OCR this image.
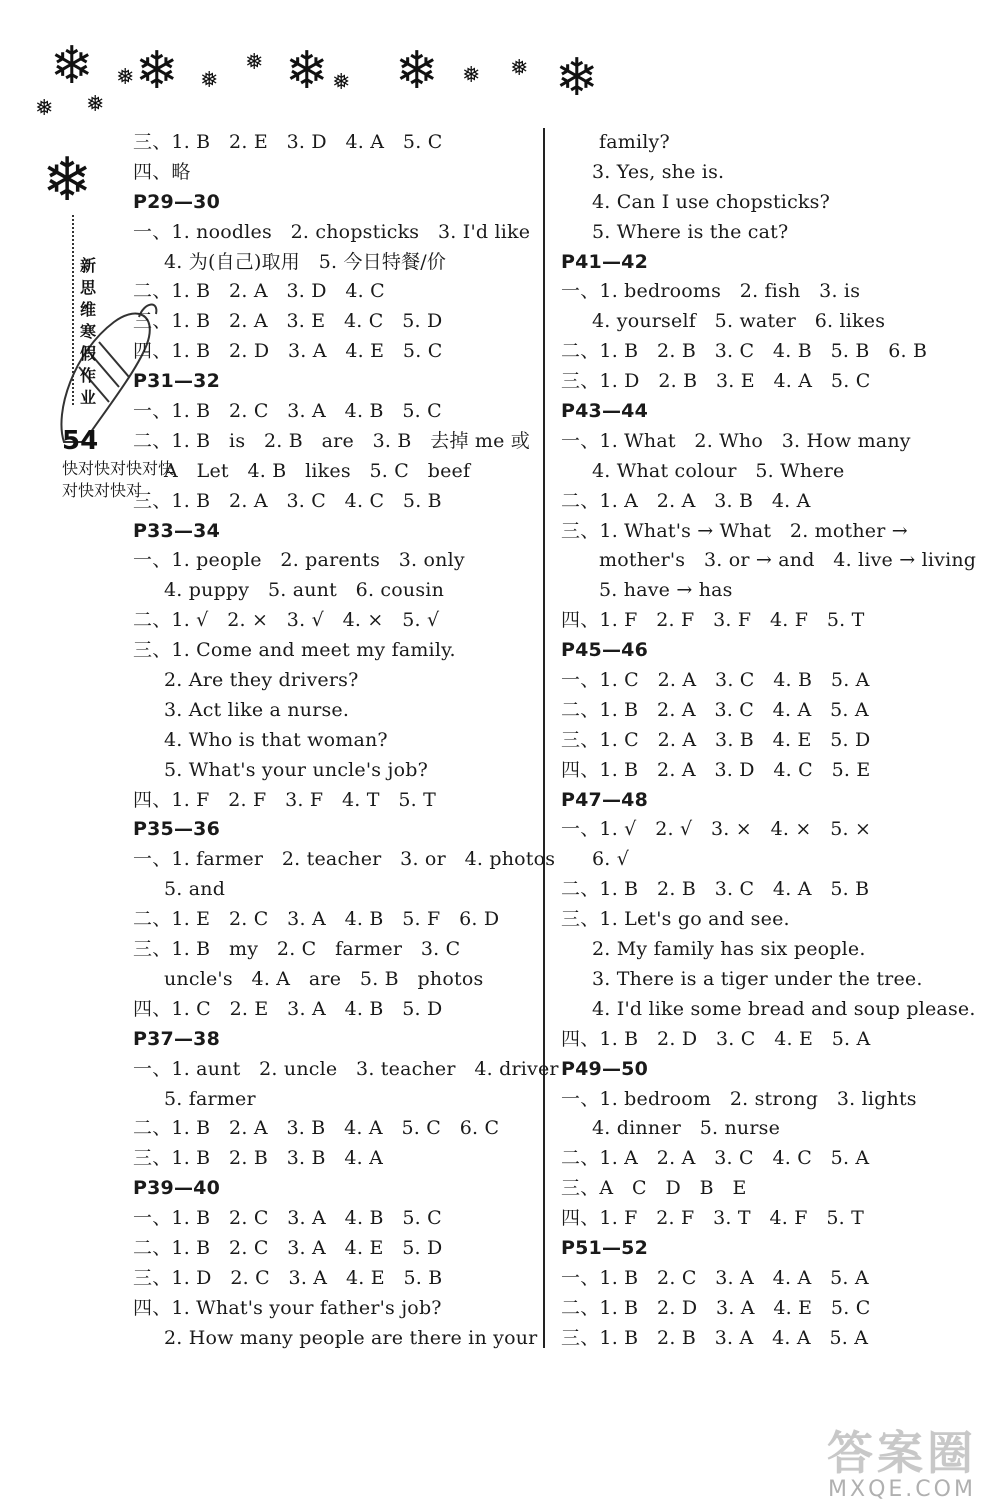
❄ ❄ ❄ ❄ ❄
❅	❅
❅
❅	❅ ❅
❅ ❅
❄
新思维寒假作业
54
快对快对快对快对快对快对
三、1. B   2. E   3. D   4. A   5. C
四、略
P29—30
一、1. noodles   2. chopsticks   3. I'd like
4. 为(自己)取用   5. 今日特餐/价
二、1. B   2. A   3. D   4. C
三、1. B   2. A   3. E   4. C   5. D
四、1. B   2. D   3. A   4. E   5. C
P31—32
一、1. B   2. C   3. A   4. B   5. C
二、1. B   is   2. B   are   3. B   去掉 me 或
A   Let   4. B   likes   5. C   beef
三、1. B   2. A   3. C   4. C   5. B
P33—34
一、1. people   2. parents   3. only
4. puppy   5. aunt   6. cousin
二、1. √   2. ×   3. √   4. ×   5. √
三、1. Come and meet my family.
2. Are they drivers?
3. Act like a nurse.
4. Who is that woman?
5. What's your uncle's job?
四、1. F   2. F   3. F   4. T   5. T
P35—36
一、1. farmer   2. teacher   3. or   4. photos
5. and
二、1. E   2. C   3. A   4. B   5. F   6. D
三、1. B   my   2. C   farmer   3. C
uncle's   4. A   are   5. B   photos
四、1. C   2. E   3. A   4. B   5. D
P37—38
一、1. aunt   2. uncle   3. teacher   4. driver
5. farmer
二、1. B   2. A   3. B   4. A   5. C   6. C
三、1. B   2. B   3. B   4. A
P39—40
一、1. B   2. C   3. A   4. B   5. C
二、1. B   2. C   3. A   4. E   5. D
三、1. D   2. C   3. A   4. E   5. B
四、1. What's your father's job?
2. How many people are there in your
family?
3. Yes, she is.
4. Can I use chopsticks?
5. Where is the cat?
P41—42
一、1. bedrooms   2. fish   3. is
4. yourself   5. water   6. likes
二、1. B   2. B   3. C   4. B   5. B   6. B
三、1. D   2. B   3. E   4. A   5. C
P43—44
一、1. What   2. Who   3. How many
4. What colour   5. Where
二、1. A   2. A   3. B   4. A
三、1. What's → What   2. mother →
mother's   3. or → and   4. live → living
5. have → has
四、1. F   2. F   3. F   4. F   5. T
P45—46
一、1. C   2. A   3. C   4. B   5. A
二、1. B   2. A   3. C   4. A   5. A
三、1. C   2. A   3. B   4. E   5. D
四、1. B   2. A   3. D   4. C   5. E
P47—48
一、1. √   2. √   3. ×   4. ×   5. ×
6. √
二、1. B   2. B   3. C   4. A   5. B
三、1. Let's go and see.
2. My family has six people.
3. There is a tiger under the tree.
4. I'd like some bread and soup please.
四、1. B   2. D   3. C   4. E   5. A
P49—50
一、1. bedroom   2. strong   3. lights
4. dinner   5. nurse
二、1. A   2. A   3. C   4. C   5. A
三、A   C   D   B   E
四、1. F   2. F   3. T   4. F   5. T
P51—52
一、1. B   2. C   3. A   4. A   5. A
二、1. B   2. D   3. A   4. E   5. C
三、1. B   2. B   3. A   4. A   5. A
答案圈
MXQE.COM
